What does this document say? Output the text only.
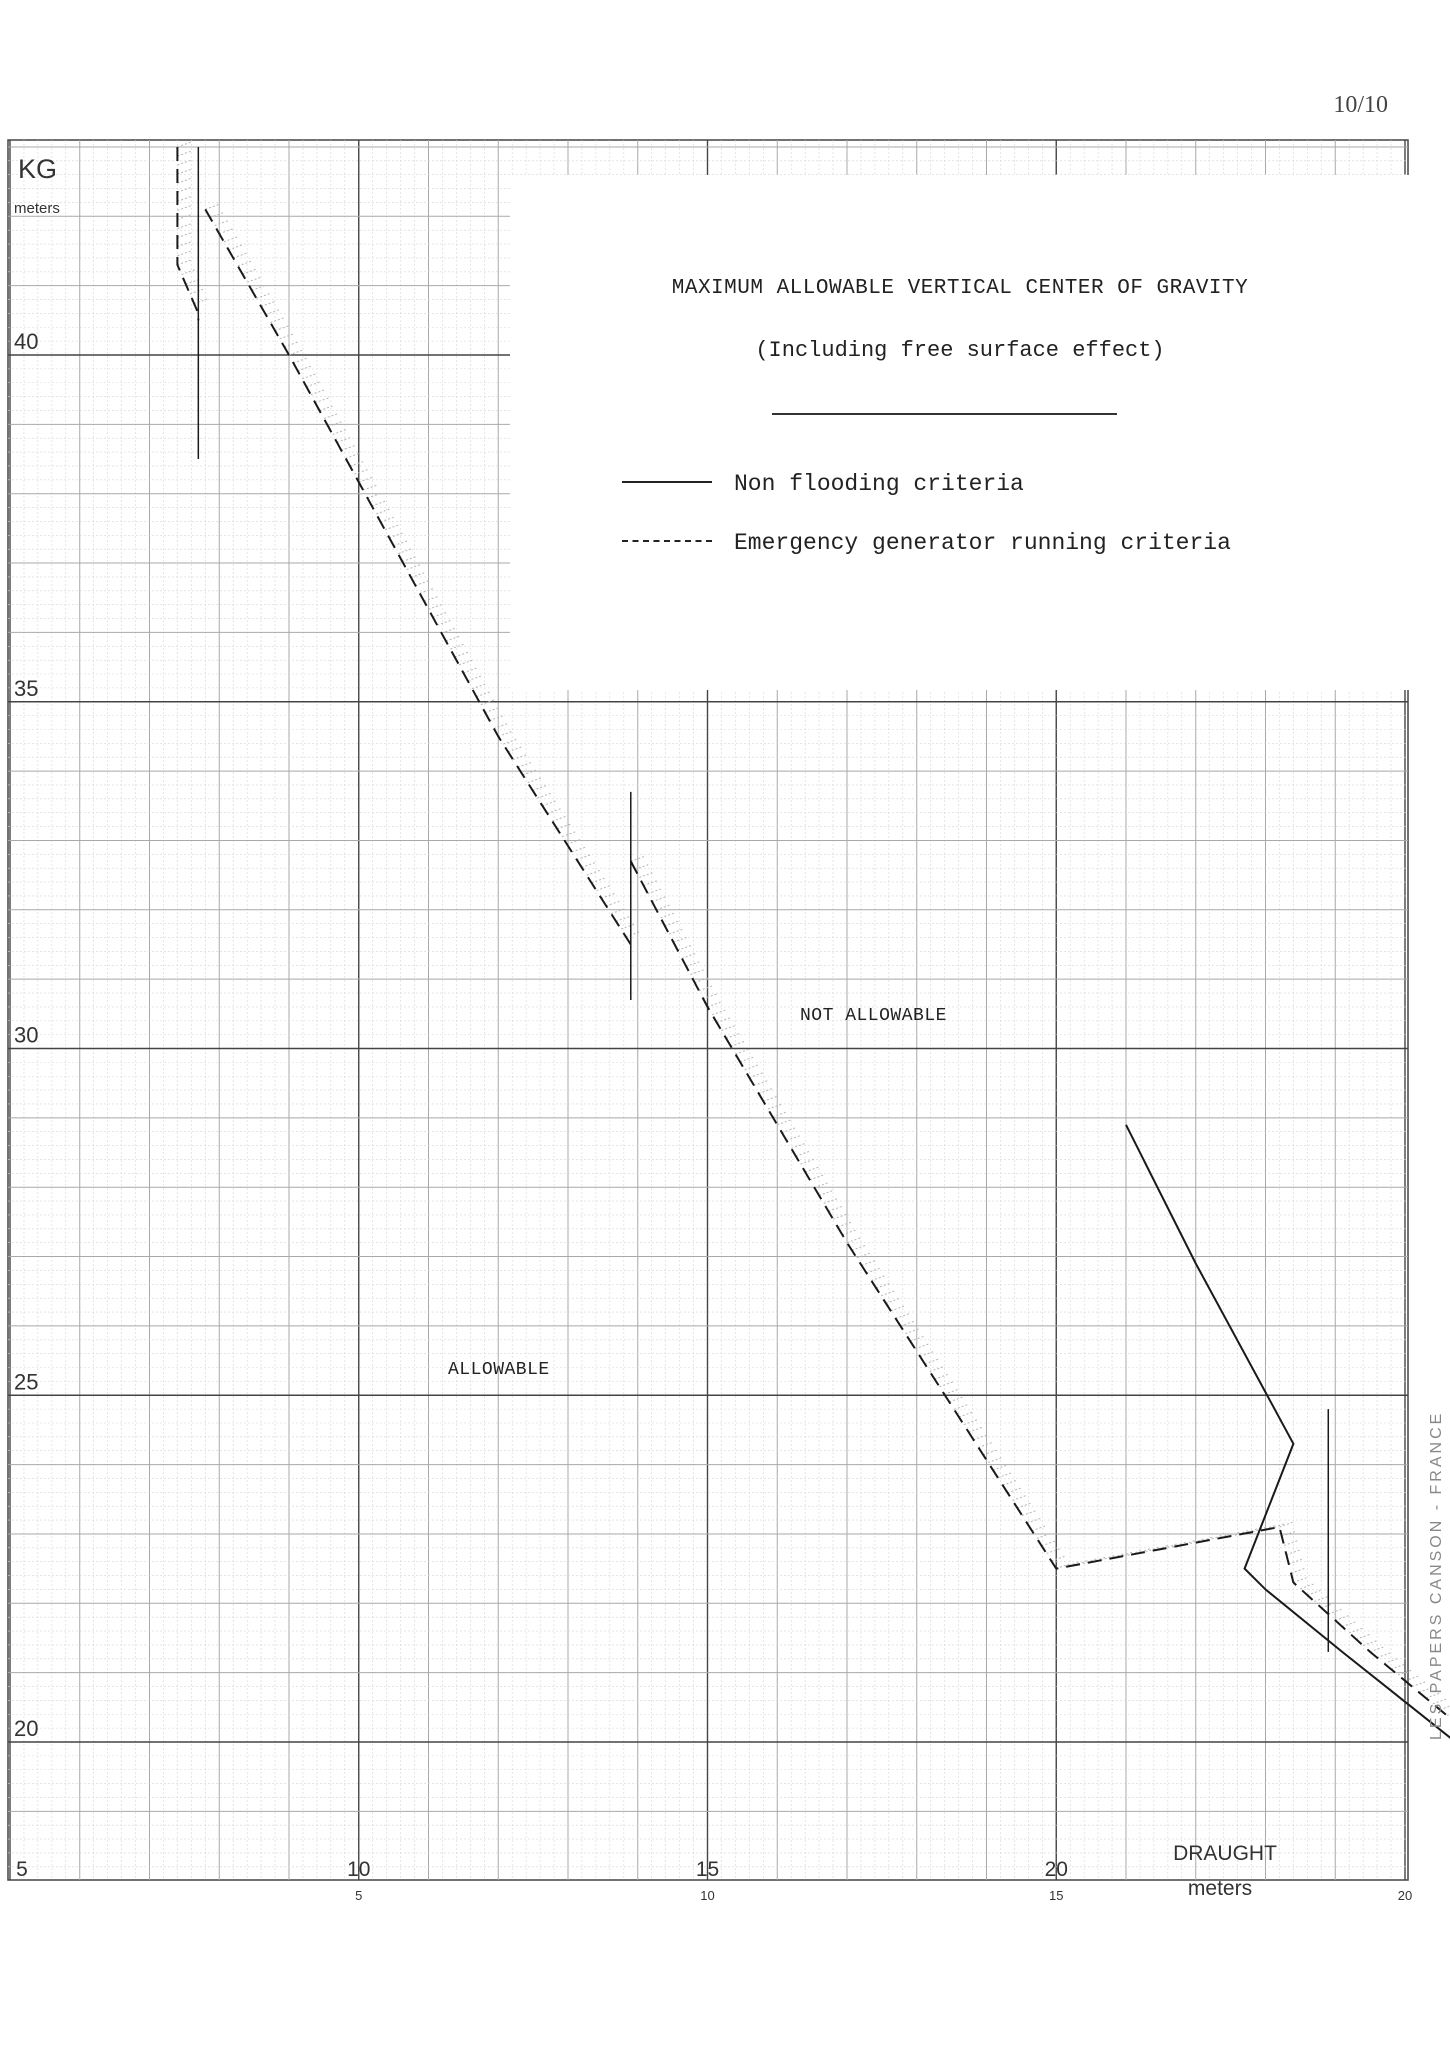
10/10
20
25
30
35
40
5	10	15	20
5	10	15	20
KG
meters
DRAUGHT
meters
MAXIMUM ALLOWABLE VERTICAL CENTER OF GRAVITY
(Including free surface effect)
Non flooding criteria
Emergency generator running criteria
NOT ALLOWABLE
ALLOWABLE
LES PAPERS CANSON - FRANCE
